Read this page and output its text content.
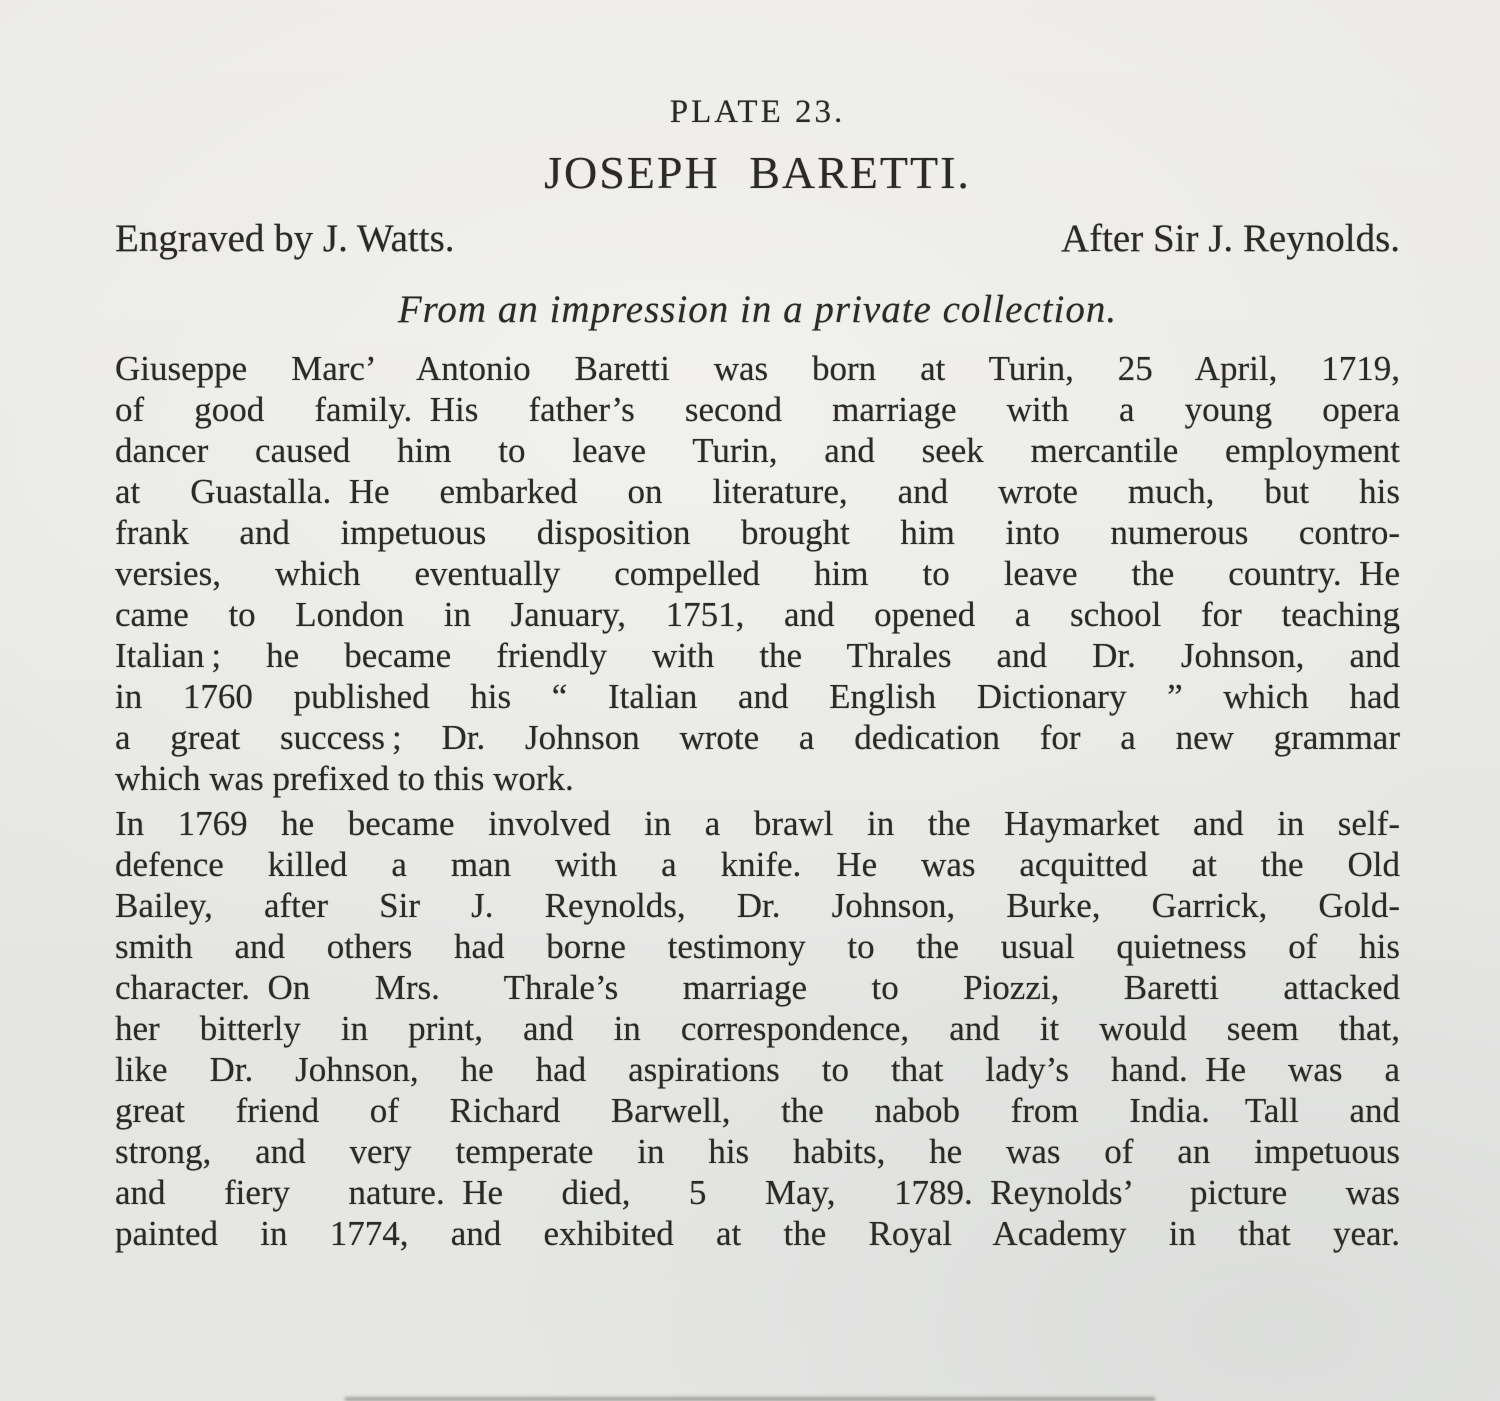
PLATE 23.
JOSEPH BARETTI.
Engraved by J. Watts.	After Sir J. Reynolds.
From an impression in a private collection.
Giuseppe Marc’ Antonio Baretti was born at Turin, 25 April, 1719,
of good family. His father’s second marriage with a young opera
dancer caused him to leave Turin, and seek mercantile employment
at Guastalla. He embarked on literature, and wrote much, but his
frank and impetuous disposition brought him into numerous contro-
versies, which eventually compelled him to leave the country. He
came to London in January, 1751, and opened a school for teaching
Italian ; he became friendly with the Thrales and Dr. Johnson, and
in 1760 published his “ Italian and English Dictionary ” which had
a great success ; Dr. Johnson wrote a dedication for a new grammar
which was prefixed to this work.
In 1769 he became involved in a brawl in the Haymarket and in self-
defence killed a man with a knife. He was acquitted at the Old
Bailey, after Sir J. Reynolds, Dr. Johnson, Burke, Garrick, Gold-
smith and others had borne testimony to the usual quietness of his
character. On Mrs. Thrale’s marriage to Piozzi, Baretti attacked
her bitterly in print, and in correspondence, and it would seem that,
like Dr. Johnson, he had aspirations to that lady’s hand. He was a
great friend of Richard Barwell, the nabob from India. Tall and
strong, and very temperate in his habits, he was of an impetuous
and fiery nature. He died, 5 May, 1789. Reynolds’ picture was
painted in 1774, and exhibited at the Royal Academy in that year.
